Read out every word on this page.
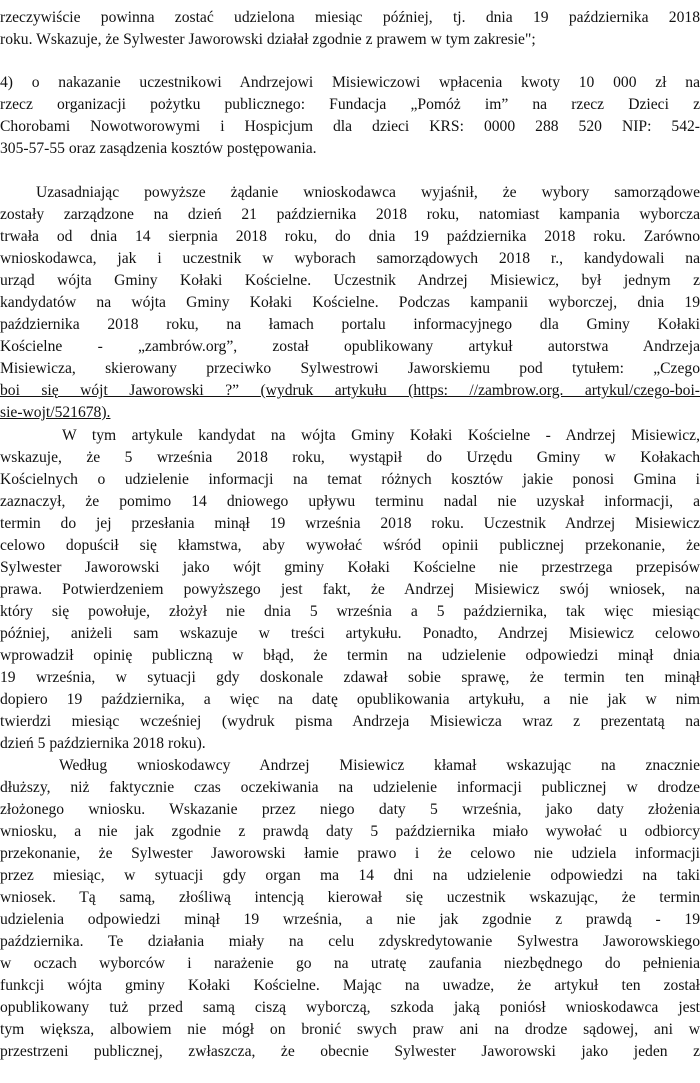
rzeczywiście powinna zostać udzielona miesiąc później, tj. dnia 19 października 2018
roku. Wskazuje, że Sylwester Jaworowski działał zgodnie z prawem w tym zakresie";
4) o nakazanie uczestnikowi Andrzejowi Misiewiczowi wpłacenia kwoty 10 000 zł na
rzecz organizacji pożytku publicznego: Fundacja „Pomóż im” na rzecz Dzieci z
Chorobami Nowotworowymi i Hospicjum dla dzieci KRS: 0000 288 520 NIP: 542-
305-57-55 oraz zasądzenia kosztów postępowania.
Uzasadniając powyższe żądanie wnioskodawca wyjaśnił, że wybory samorządowe
zostały zarządzone na dzień 21 października 2018 roku, natomiast kampania wyborcza
trwała od dnia 14 sierpnia 2018 roku, do dnia 19 października 2018 roku. Zarówno
wnioskodawca, jak i uczestnik w wyborach samorządowych 2018 r., kandydowali na
urząd wójta Gminy Kołaki Kościelne. Uczestnik Andrzej Misiewicz, był jednym z
kandydatów na wójta Gminy Kołaki Kościelne. Podczas kampanii wyborczej, dnia 19
października 2018 roku, na łamach portalu informacyjnego dla Gminy Kołaki
Kościelne - „zambrów.org”, został opublikowany artykuł autorstwa Andrzeja
Misiewicza, skierowany przeciwko Sylwestrowi Jaworskiemu pod tytułem: „Czego
boi się wójt Jaworowski ?” (wydruk artykułu (https: //zambrow.org. artykul/czego-boi-
sie-wojt/521678).
W tym artykule kandydat na wójta Gminy Kołaki Kościelne - Andrzej Misiewicz,
wskazuje, że 5 września 2018 roku, wystąpił do Urzędu Gminy w Kołakach
Kościelnych o udzielenie informacji na temat różnych kosztów jakie ponosi Gmina i
zaznaczył, że pomimo 14 dniowego upływu terminu nadal nie uzyskał informacji, a
termin do jej przesłania minął 19 września 2018 roku. Uczestnik Andrzej Misiewicz
celowo dopuścił się kłamstwa, aby wywołać wśród opinii publicznej przekonanie, że
Sylwester Jaworowski jako wójt gminy Kołaki Kościelne nie przestrzega przepisów
prawa. Potwierdzeniem powyższego jest fakt, że Andrzej Misiewicz swój wniosek, na
który się powołuje, złożył nie dnia 5 września a 5 października, tak więc miesiąc
później, aniżeli sam wskazuje w treści artykułu. Ponadto, Andrzej Misiewicz celowo
wprowadził opinię publiczną w błąd, że termin na udzielenie odpowiedzi minął dnia
19 września, w sytuacji gdy doskonale zdawał sobie sprawę, że termin ten minął
dopiero 19 października, a więc na datę opublikowania artykułu, a nie jak w nim
twierdzi miesiąc wcześniej (wydruk pisma Andrzeja Misiewicza wraz z prezentatą na
dzień 5 października 2018 roku).
Według wnioskodawcy Andrzej Misiewicz kłamał wskazując na znacznie
dłuższy, niż faktycznie czas oczekiwania na udzielenie informacji publicznej w drodze
złożonego wniosku. Wskazanie przez niego daty 5 września, jako daty złożenia
wniosku, a nie jak zgodnie z prawdą daty 5 października miało wywołać u odbiorcy
przekonanie, że Sylwester Jaworowski łamie prawo i że celowo nie udziela informacji
przez miesiąc, w sytuacji gdy organ ma 14 dni na udzielenie odpowiedzi na taki
wniosek. Tą samą, złośliwą intencją kierował się uczestnik wskazując, że termin
udzielenia odpowiedzi minął 19 września, a nie jak zgodnie z prawdą - 19
października. Te działania miały na celu zdyskredytowanie Sylwestra Jaworowskiego
w oczach wyborców i narażenie go na utratę zaufania niezbędnego do pełnienia
funkcji wójta gminy Kołaki Kościelne. Mając na uwadze, że artykuł ten został
opublikowany tuż przed samą ciszą wyborczą, szkoda jaką poniósł wnioskodawca jest
tym większa, albowiem nie mógł on bronić swych praw ani na drodze sądowej, ani w
przestrzeni publicznej, zwłaszcza, że obecnie Sylwester Jaworowski jako jeden z
